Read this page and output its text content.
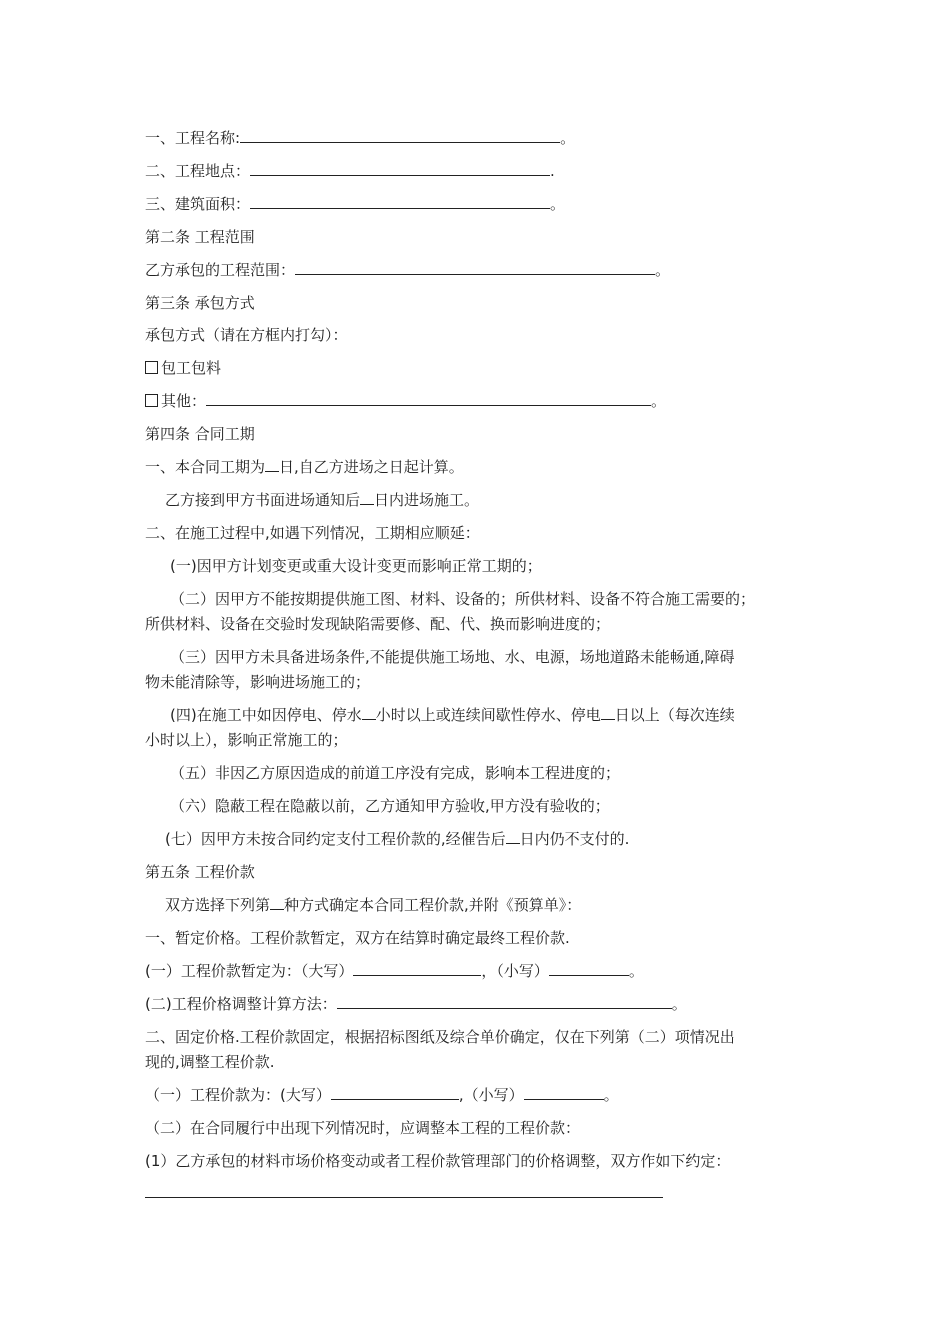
一、工程名称:	。
二、工程地点：	.
三、建筑面积：	。
第二条 工程范围
乙方承包的工程范围：	。
第三条 承包方式
承包方式（请在方框内打勾）：
包工包料
其他：	。
第四条 合同工期
一、本合同工期为 日,自乙方进场之日起计算。
乙方接到甲方书面进场通知后 日内进场施工。
二、在施工过程中,如遇下列情况，工期相应顺延：
(一)因甲方计划变更或重大设计变更而影响正常工期的；
（二）因甲方不能按期提供施工图、材料、设备的；所供材料、设备不符合施工需要的；
所供材料、设备在交验时发现缺陷需要修、配、代、换而影响进度的；
（三）因甲方未具备进场条件,不能提供施工场地、水、电源，场地道路未能畅通,障碍
物未能清除等，影响进场施工的；
(四)在施工中如因停电、停水 小时以上或连续间歇性停水、停电 日以上（每次连续
小时以上），影响正常施工的；
（五）非因乙方原因造成的前道工序没有完成，影响本工程进度的；
（六）隐蔽工程在隐蔽以前，乙方通知甲方验收,甲方没有验收的；
(七）因甲方未按合同约定支付工程价款的,经催告后 日内仍不支付的.
第五条 工程价款
双方选择下列第 种方式确定本合同工程价款,并附《预算单》：
一、暂定价格。工程价款暂定，双方在结算时确定最终工程价款.
(一）工程价款暂定为：（大写）	，（小写）	。
(二)工程价格调整计算方法：	。
二、固定价格.工程价款固定，根据招标图纸及综合单价确定，仅在下列第（二）项情况出
现的,调整工程价款.
（一）工程价款为：(大写）	,（小写）	。
（二）在合同履行中出现下列情况时，应调整本工程的工程价款：
(1）乙方承包的材料市场价格变动或者工程价款管理部门的价格调整，双方作如下约定：
